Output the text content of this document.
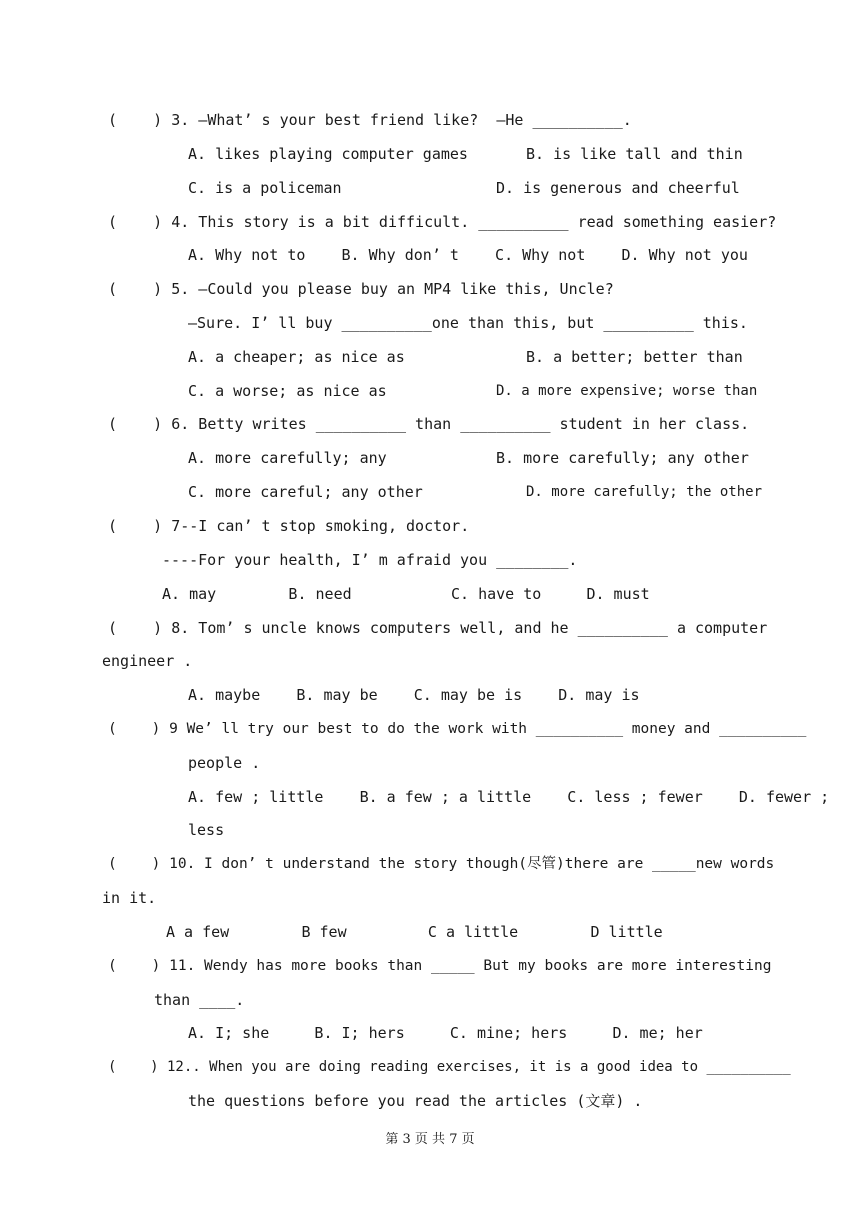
(    ) 3. —What’ s your best friend like?  —He __________.
A. likes playing computer games	B. is like tall and thin
C. is a policeman	D. is generous and cheerful
(    ) 4. This story is a bit difficult. __________ read something easier?
A. Why not to    B. Why don’ t    C. Why not    D. Why not you
(    ) 5. —Could you please buy an MP4 like this, Uncle?
—Sure. I’ ll buy __________one than this, but __________ this.
A. a cheaper; as nice as	B. a better; better than
C. a worse; as nice as	D. a more expensive; worse than
(    ) 6. Betty writes __________ than __________ student in her class.
A. more carefully; any	B. more carefully; any other
C. more careful; any other	D. more carefully; the other
(    ) 7--I can’ t stop smoking, doctor.
----For your health, I’ m afraid you ________.
A. may        B. need           C. have to     D. must
(    ) 8. Tom’ s uncle knows computers well, and he __________ a computer
engineer .
A. maybe    B. may be    C. may be is    D. may is
(    ) 9 We’ ll try our best to do the work with __________ money and __________
people .
A. few ; little    B. a few ; a little    C. less ; fewer    D. fewer ;
less
(    ) 10. I don’ t understand the story though(尽管)there are _____new words
in it.
A a few        B few         C a little        D little
(    ) 11. Wendy has more books than _____ But my books are more interesting
than ____.
A. I; she     B. I; hers     C. mine; hers     D. me; her
(    ) 12.. When you are doing reading exercises, it is a good idea to __________
the questions before you read the articles (文章) .
第 3 页 共 7 页
